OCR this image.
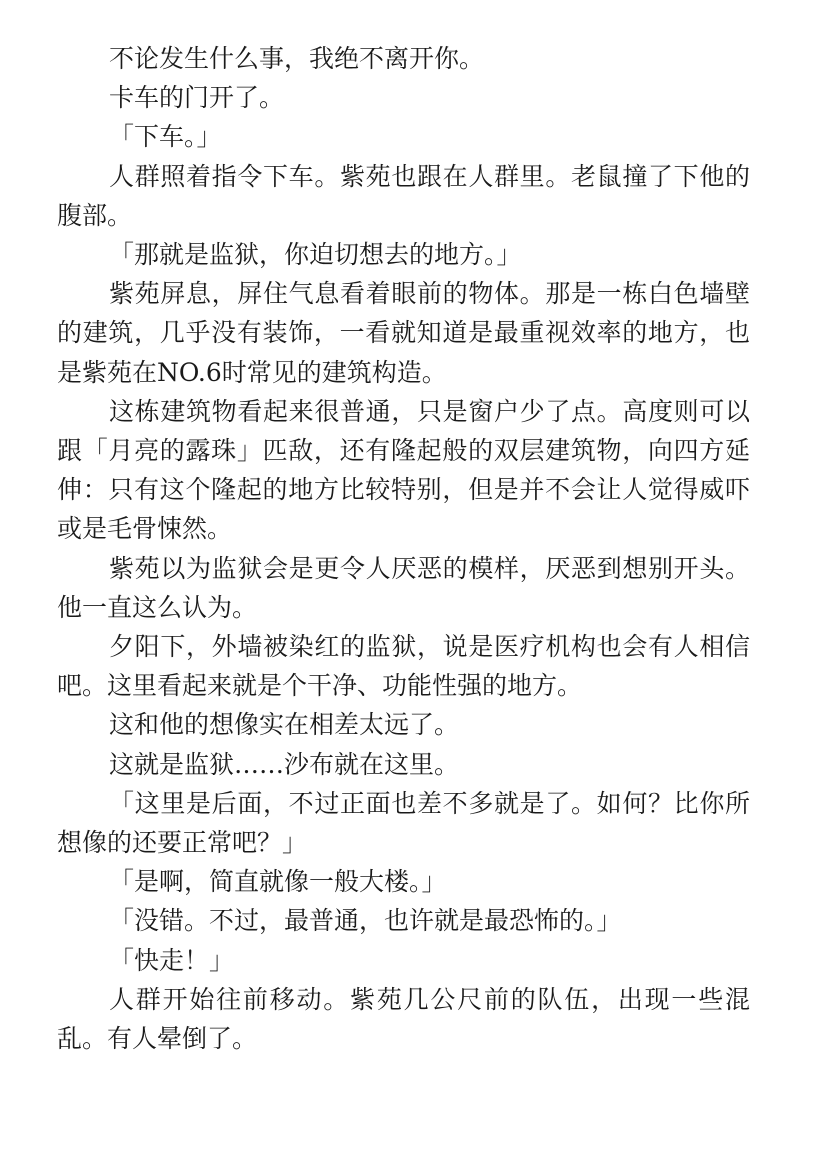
不论发生什么事，我绝不离开你。

卡车的门开了。

「下车。」

人群照着指令下车。紫苑也跟在人群里。老鼠撞了下他的腹部。

「那就是监狱，你迫切想去的地方。」

紫苑屏息，屏住气息看着眼前的物体。那是一栋白色墙壁的建筑，几乎没有装饰，一看就知道是最重视效率的地方，也是紫苑在NO.6时常见的建筑构造。

这栋建筑物看起来很普通，只是窗户少了点。高度则可以跟「月亮的露珠」匹敌，还有隆起般的双层建筑物，向四方延伸：只有这个隆起的地方比较特别，但是并不会让人觉得威吓或是毛骨悚然。

紫苑以为监狱会是更令人厌恶的模样，厌恶到想别开头。他一直这么认为。

夕阳下，外墙被染红的监狱，说是医疗机构也会有人相信吧。这里看起来就是个干净、功能性强的地方。

这和他的想像实在相差太远了。

这就是监狱……沙布就在这里。

「这里是后面，不过正面也差不多就是了。如何？比你所想像的还要正常吧？」

「是啊，简直就像一般大楼。」

「没错。不过，最普通，也许就是最恐怖的。」

「快走！」

人群开始往前移动。紫苑几公尺前的队伍，出现一些混乱。有人晕倒了。
